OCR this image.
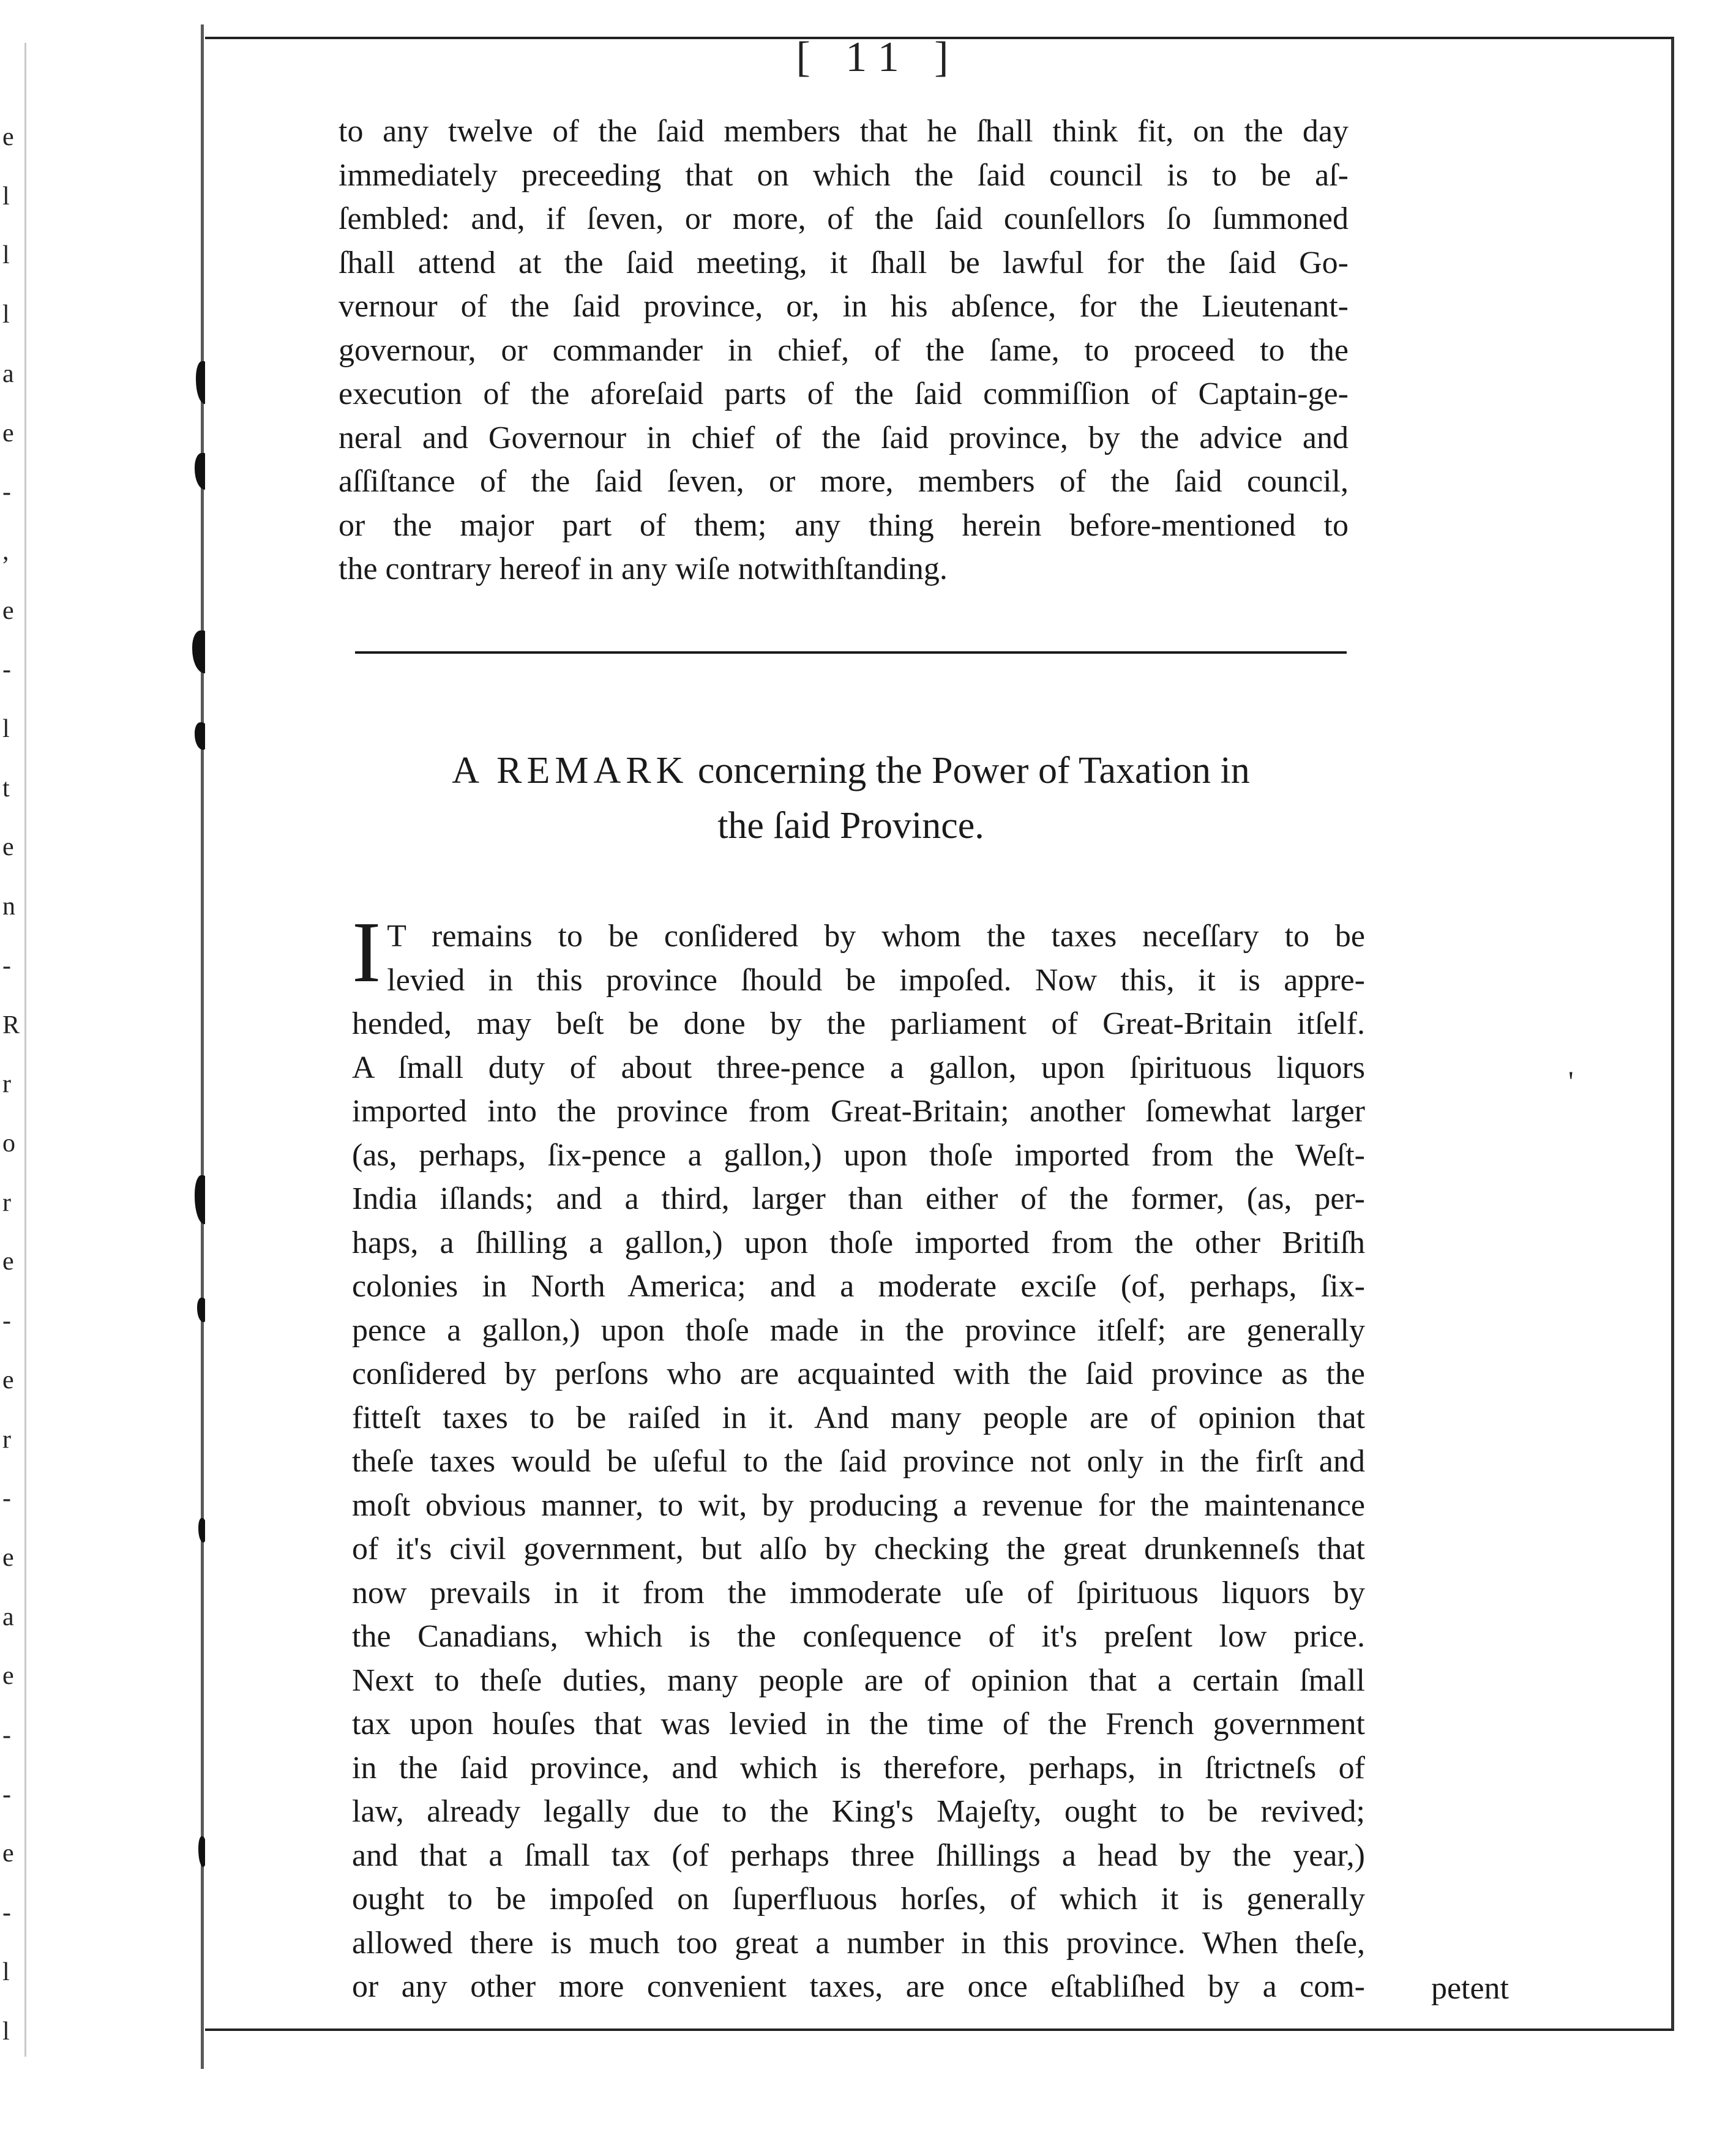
e
l
l
l
a
e
-
,
e
-
l
t
e
n
-
R
r
o
r
e
-
e
r
-
e
a
e
-
-
e
-
l
l
[ 11 ]
to any twelve of the ſaid members that he ſhall think fit, on the day
immediately preceeding that on which the ſaid council is to be aſ-
ſembled: and, if ſeven, or more, of the ſaid counſellors ſo ſummoned
ſhall attend at the ſaid meeting, it ſhall be lawful for the ſaid Go-
vernour of the ſaid province, or, in his abſence, for the Lieutenant-
governour, or commander in chief, of the ſame, to proceed to the
execution of the aforeſaid parts of the ſaid commiſſion of Captain-ge-
neral and Governour in chief of the ſaid province, by the advice and
aſſiſtance of the ſaid ſeven, or more, members of the ſaid council,
or the major part of them; any thing herein before-mentioned to
the contrary hereof in any wiſe notwithſtanding.
A REMARK concerning the Power of Taxation in
the ſaid Province.
I T remains to be conſidered by whom the taxes neceſſary to be
levied in this province ſhould be impoſed. Now this, it is appre-
hended, may beſt be done by the parliament of Great-Britain itſelf.
A ſmall duty of about three-pence a gallon, upon ſpirituous liquors
imported into the province from Great-Britain; another ſomewhat larger
(as, perhaps, ſix-pence a gallon,) upon thoſe imported from the Weſt-
India iſlands; and a third, larger than either of the former, (as, per-
haps, a ſhilling a gallon,) upon thoſe imported from the other Britiſh
colonies in North America; and a moderate exciſe (of, perhaps, ſix-
pence a gallon,) upon thoſe made in the province itſelf; are generally
conſidered by perſons who are acquainted with the ſaid province as the
fitteſt taxes to be raiſed in it. And many people are of opinion that
theſe taxes would be uſeful to the ſaid province not only in the firſt and
moſt obvious manner, to wit, by producing a revenue for the maintenance
of it's civil government, but alſo by checking the great drunkenneſs that
now prevails in it from the immoderate uſe of ſpirituous liquors by
the Canadians, which is the conſequence of it's preſent low price.
Next to theſe duties, many people are of opinion that a certain ſmall
tax upon houſes that was levied in the time of the French government
in the ſaid province, and which is therefore, perhaps, in ſtrictneſs of
law, already legally due to the King's Majeſty, ought to be revived;
and that a ſmall tax (of perhaps three ſhillings a head by the year,)
ought to be impoſed on ſuperfluous horſes, of which it is generally
allowed there is much too great a number in this province. When theſe,
or any other more convenient taxes, are once eſtabliſhed by a com- petent
'
